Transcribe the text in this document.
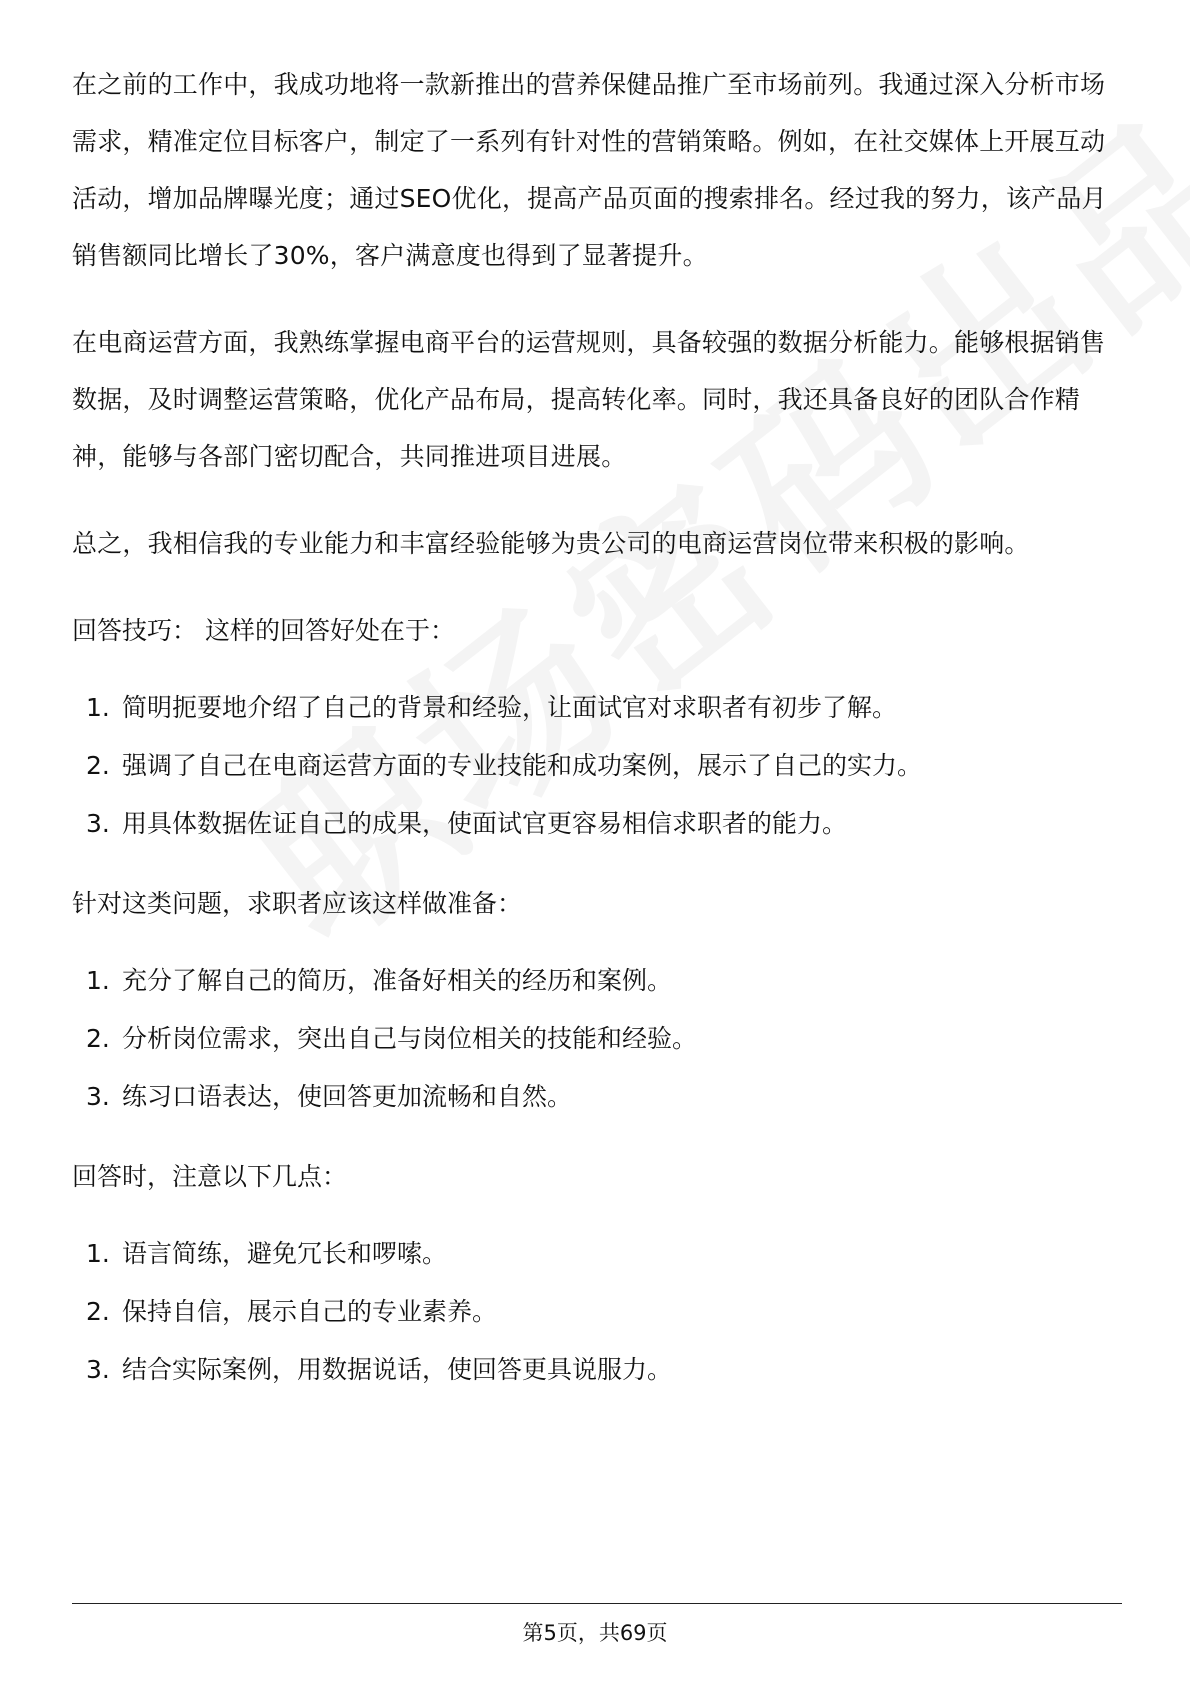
在之前的工作中，我成功地将一款新推出的营养保健品推广至市场前列。我通过深入分析市场需求，精准定位目标客户，制定了一系列有针对性的营销策略。例如，在社交媒体上开展互动活动，增加品牌曝光度；通过SEO优化，提高产品页面的搜索排名。经过我的努力，该产品月销售额同比增长了30%，客户满意度也得到了显著提升。

在电商运营方面，我熟练掌握电商平台的运营规则，具备较强的数据分析能力。能够根据销售数据，及时调整运营策略，优化产品布局，提高转化率。同时，我还具备良好的团队合作精神，能够与各部门密切配合，共同推进项目进展。

总之，我相信我的专业能力和丰富经验能够为贵公司的电商运营岗位带来积极的影响。

回答技巧： 这样的回答好处在于：

1. 简明扼要地介绍了自己的背景和经验，让面试官对求职者有初步了解。
2. 强调了自己在电商运营方面的专业技能和成功案例，展示了自己的实力。
3. 用具体数据佐证自己的成果，使面试官更容易相信求职者的能力。

针对这类问题，求职者应该这样做准备：

1. 充分了解自己的简历，准备好相关的经历和案例。
2. 分析岗位需求，突出自己与岗位相关的技能和经验。
3. 练习口语表达，使回答更加流畅和自然。

回答时，注意以下几点：

1. 语言简练，避免冗长和啰嗦。
2. 保持自信，展示自己的专业素养。
3. 结合实际案例，用数据说话，使回答更具说服力。
第5页，共69页
